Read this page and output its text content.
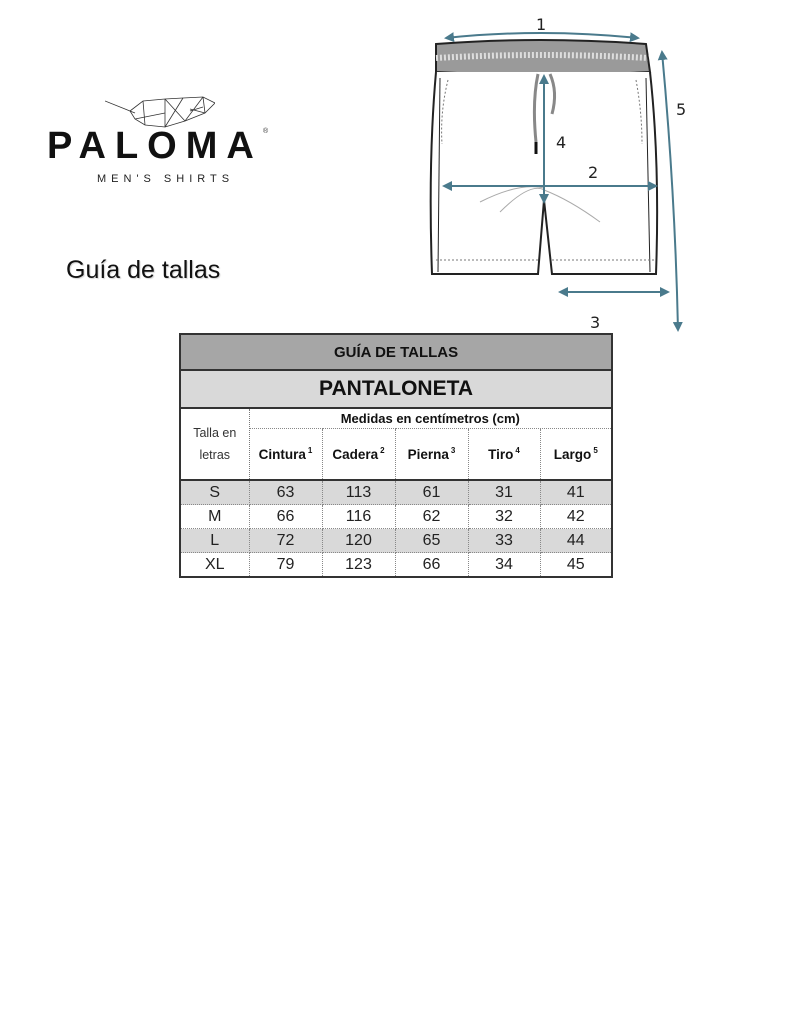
PALOMA ®
MEN'S SHIRTS
Guía de tallas
1
2
3
4
5
GUÍA DE TALLAS					
PANTALONETA					
Talla en letras	Medidas en centímetros (cm)				
	Cintura $^1$	Cadera $^2$	Pierna $^3$	Tiro $^4$	Largo $^5$
S	63	113	61	31	41
M	66	116	62	32	42
L	72	120	65	33	44
XL	79	123	66	34	45
